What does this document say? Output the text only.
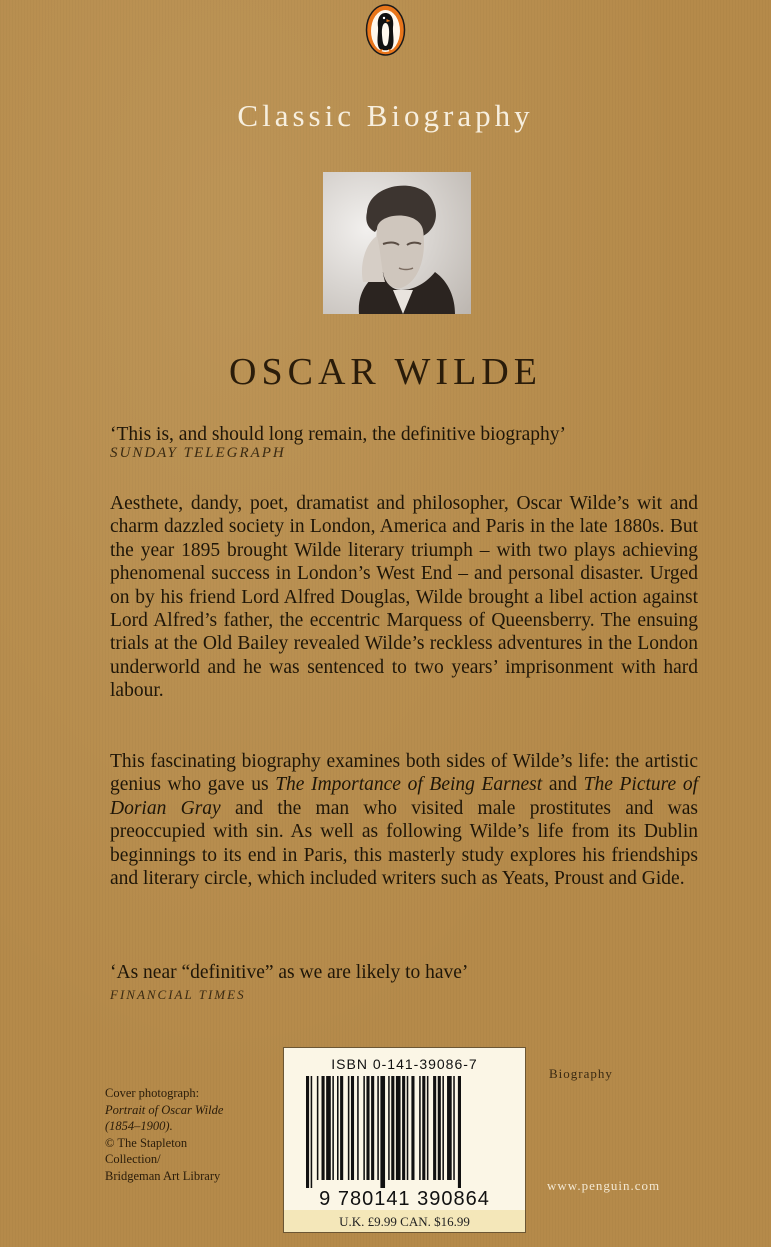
Classic Biography
OSCAR WILDE
‘This is, and should long remain, the definitive biography’
SUNDAY TELEGRAPH
Aesthete, dandy, poet, dramatist and philosopher, Oscar Wilde’s wit and charm dazzled society in London, America and Paris in the late 1880s. But the year 1895 brought Wilde literary triumph – with two plays achieving phenomenal success in London’s West End – and personal disaster. Urged on by his friend Lord Alfred Douglas, Wilde brought a libel action against Lord Alfred’s father, the eccentric Marquess of Queensberry. The ensuing trials at the Old Bailey revealed Wilde’s reckless adventures in the London underworld and he was sentenced to two years’ imprisonment with hard labour.
This fascinating biography examines both sides of Wilde’s life: the artistic genius who gave us The Importance of Being Earnest and The Picture of Dorian Gray and the man who visited male prostitutes and was preoccupied with sin. As well as following Wilde’s life from its Dublin beginnings to its end in Paris, this masterly study explores his friendships and literary circle, which included writers such as Yeats, Proust and Gide.
‘As near “definitive” as we are likely to have’
FINANCIAL TIMES
Cover photograph:
Portrait of Oscar Wilde
(1854–1900).
© The Stapleton
Collection/
Bridgeman Art Library
ISBN 0-141-39086-7
9 780141 390864
U.K. £9.99 CAN. $16.99
Biography
www.penguin.com
